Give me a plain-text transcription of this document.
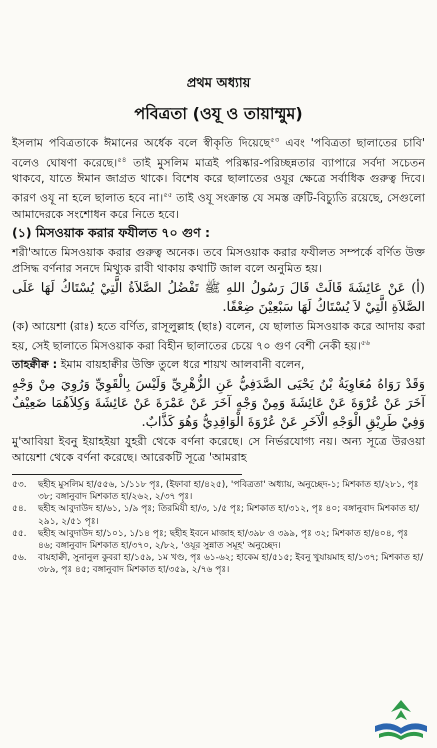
প্রথম অধ্যায়
পবিত্রতা (ওযূ ও তায়াম্মুম)

ইসলাম পবিত্রতাকে ঈমানের অর্ধেক বলে স্বীকৃতি দিয়েছে$^{৫৩}$ এবং 'পবিত্রতা ছালাতের চাবি' বলেও ঘোষণা করেছে।$^{৫৪}$ তাই মুসলিম মাত্রই পরিষ্কার-পরিচ্ছন্নতার ব্যাপারে সর্বদা সচেতন থাকবে, যাতে ঈমান জাগ্রত থাকে। বিশেষ করে ছালাতের ওযূর ক্ষেত্রে সর্বাধিক গুরুত্ব দিবে। কারণ ওযূ না হলে ছালাত হবে না।$^{৫৫}$ তাই ওযূ সংক্রান্ত যে সমস্ত ত্রুটি-বিচ্যুতি রয়েছে, সেগুলো আমাদেরকে সংশোধন করে নিতে হবে।

(১) মিসওয়াক করার ফযীলত ৭০ গুণ :

শরী'আতে মিসওয়াক করার গুরুত্ব অনেক। তবে মিসওয়াক করার ফযীলত সম্পর্কে বর্ণিত উক্ত প্রসিদ্ধ বর্ণনার সনদে মিথ্যুক রাবী থাকায় কথাটি জাল বলে অনুমিত হয়।

(أ) عَنْ عَائِشَةَ قَالَتْ قَالَ رَسُولُ اللهِ ﷺ تَفْضُلُ الصَّلاَةُ الَّتِيْ يُسْتَاكُ لَهَا عَلَى الصَّلاَةِ الَّتِيْ لاَ يُسْتَاكُ لَهَا سَبْعِيْنَ ضِعْفًا.

(ক) আয়েশা (রাঃ) হতে বর্ণিত, রাসূলুল্লাহ (ছাঃ) বলেন, যে ছালাত মিসওয়াক করে আদায় করা হয়, সেই ছালাতে মিসওয়াক করা বিহীন ছালাতের চেয়ে ৭০ গুণ বেশী নেকী হয়।$^{৫৬}$

তাহক্বীক্ব : ইমাম বায়হাক্বীর উক্তি তুলে ধরে শায়খ আলবানী বলেন,

وَقَدْ رَوَاهُ مُعَاوِيَةُ بْنُ يَحْيَى الصَّدَفِيُّ عَنِ الزُّهْرِيِّ وَلَيْسَ بِالْقَوِيِّ وَرُوِيَ مِنْ وَجْهٍ آخَرَ عَنْ عُرْوَةَ عَنْ عَائِشَةَ وَمِنْ وَجْهٍ آخَرَ عَنْ عَمْرَةَ عَنْ عَائِشَةَ وَكِلاَهُمَا ضَعِيْفٌ وَفِيْ طَرِيْقِ الْوَجْهِ الْآخَرِ عَنْ عُرْوَةَ الْوَاقِدِيُّ وَهُوَ كَذَّابٌ.

মু'আবিয়া ইবনু ইয়াহইয়া যুহরী থেকে বর্ণনা করেছে। সে নির্ভরযোগ্য নয়। অন্য সূত্রে উরওয়া আয়েশা থেকে বর্ণনা করেছে। আরেকটি সূত্রে 'আমরাহ

৫৩. ছহীহ মুসলিম হা/৫৫৬, ১/১১৮ পৃঃ, (ইফাবা হা/৪২৫), 'পবিত্রতা' অধ্যায়, অনুচ্ছেদ-১; মিশকাত হা/২৮১, পৃঃ ৩৮; বঙ্গানুবাদ মিশকাত হা/২৬২, ২/৩৭ পৃঃ।

৫৪. ছহীহ আবুদাউদ হা/৬১, ১/৯ পৃঃ; তিরমিযী হা/৩, ১/৫ পৃঃ; মিশকাত হা/৩১২, পৃঃ ৪০; বঙ্গানুবাদ মিশকাত হা/২৯১, ২/৫১ পৃঃ।

৫৫. ছহীহ আবুদাউদ হা/১০১, ১/১৪ পৃঃ; ছহীহ ইবনে মাজাহ হা/৩৯৮ ও ৩৯৯, পৃঃ ৩২; মিশকাত হা/৪০৪, পৃঃ ৪৬; বঙ্গানুবাদ মিশকাত হা/৩৭০, ২/৮২, 'ওযূর সুন্নাত সমূহ' অনুচ্ছেদ।

৫৬. বায়হাক্বী, সুনানুল কুবরা হা/১৫৯, ১ম খণ্ড, পৃঃ ৬১-৬২; হাকেম হা/৫১৫; ইবনু খুযায়মাহ হা/১৩৭; মিশকাত হা/৩৮৯, পৃঃ ৪৫; বঙ্গানুবাদ মিশকাত হা/৩৫৯, ২/৭৬ পৃঃ।
